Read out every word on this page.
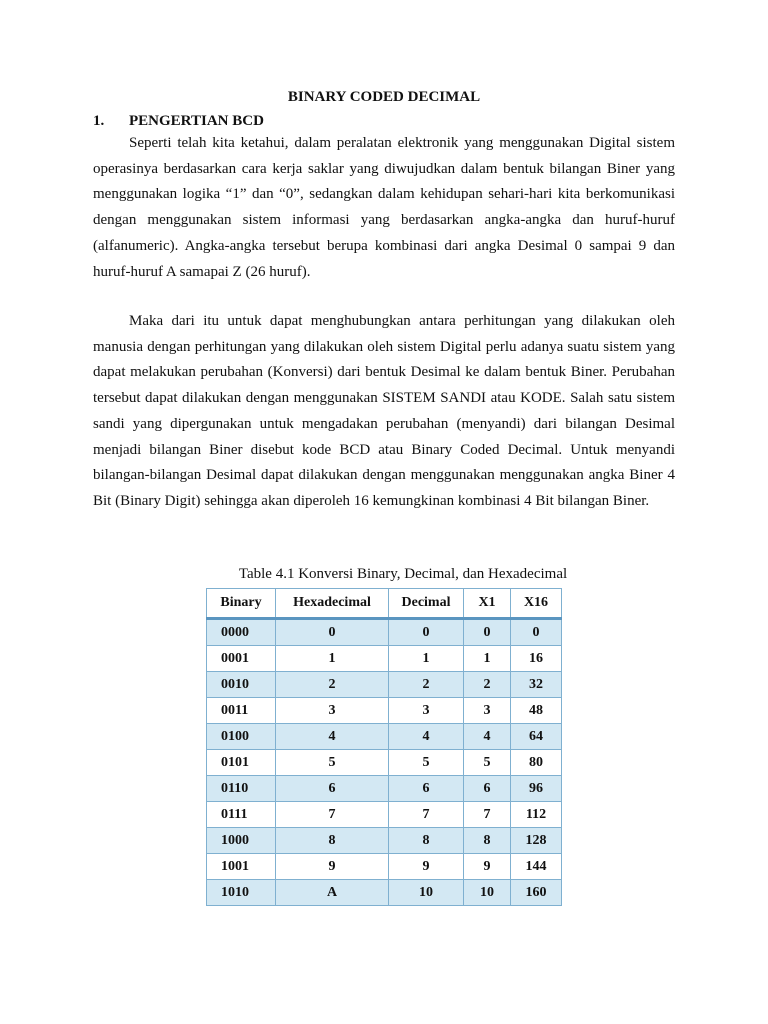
BINARY CODED DECIMAL
1. PENGERTIAN BCD

Seperti telah kita ketahui, dalam peralatan elektronik yang menggunakan Digital sistem operasinya berdasarkan cara kerja saklar yang diwujudkan dalam bentuk bilangan Biner yang menggunakan logika “1” dan “0”, sedangkan dalam kehidupan sehari-hari kita berkomunikasi dengan menggunakan sistem informasi yang berdasarkan angka-angka dan huruf-huruf (alfanumeric). Angka-angka tersebut berupa kombinasi dari angka Desimal 0 sampai 9 dan huruf-huruf A samapai Z (26 huruf).

Maka dari itu untuk dapat menghubungkan antara perhitungan yang dilakukan oleh manusia dengan perhitungan yang dilakukan oleh sistem Digital perlu adanya suatu sistem yang dapat melakukan perubahan (Konversi) dari bentuk Desimal ke dalam bentuk Biner. Perubahan tersebut dapat dilakukan dengan menggunakan SISTEM SANDI atau KODE. Salah satu sistem sandi yang dipergunakan untuk mengadakan perubahan (menyandi) dari bilangan Desimal menjadi bilangan Biner disebut kode BCD atau Binary Coded Decimal. Untuk menyandi bilangan-bilangan Desimal dapat dilakukan dengan menggunakan menggunakan angka Biner 4 Bit (Binary Digit) sehingga akan diperoleh 16 kemungkinan kombinasi 4 Bit bilangan Biner.

Table 4.1 Konversi Binary, Decimal, dan Hexadecimal
Binary	Hexadecimal	Decimal	X1	X16
0000	0	0	0	0
0001	1	1	1	16
0010	2	2	2	32
0011	3	3	3	48
0100	4	4	4	64
0101	5	5	5	80
0110	6	6	6	96
0111	7	7	7	112
1000	8	8	8	128
1001	9	9	9	144
1010	A	10	10	160
